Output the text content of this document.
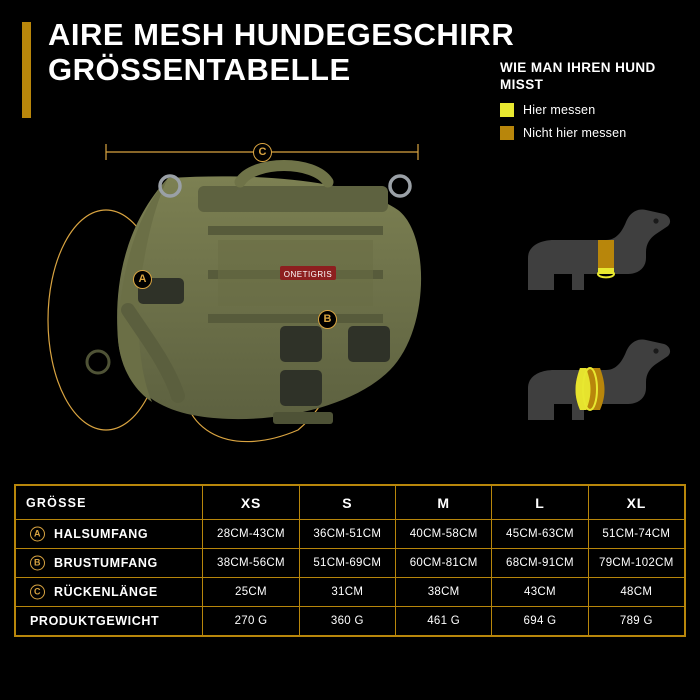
AIRE MESH HUNDEGESCHIRR GRÖSSENTABELLE	WIE MAN IHREN HUND MISST
Hier messen
Nicht hier messen
ONETIGRIS
A
B
C
GRÖSSE	XS	S	M	L	XL

A HALSUMFANG	28CM-43CM	36CM-51CM	40CM-58CM	45CM-63CM	51CM-74CM

B BRUSTUMFANG	38CM-56CM	51CM-69CM	60CM-81CM	68CM-91CM	79CM-102CM

C RÜCKENLÄNGE	25CM	31CM	38CM	43CM	48CM
PRODUKTGEWICHT	270 G	360 G	461 G	694 G	789 G
